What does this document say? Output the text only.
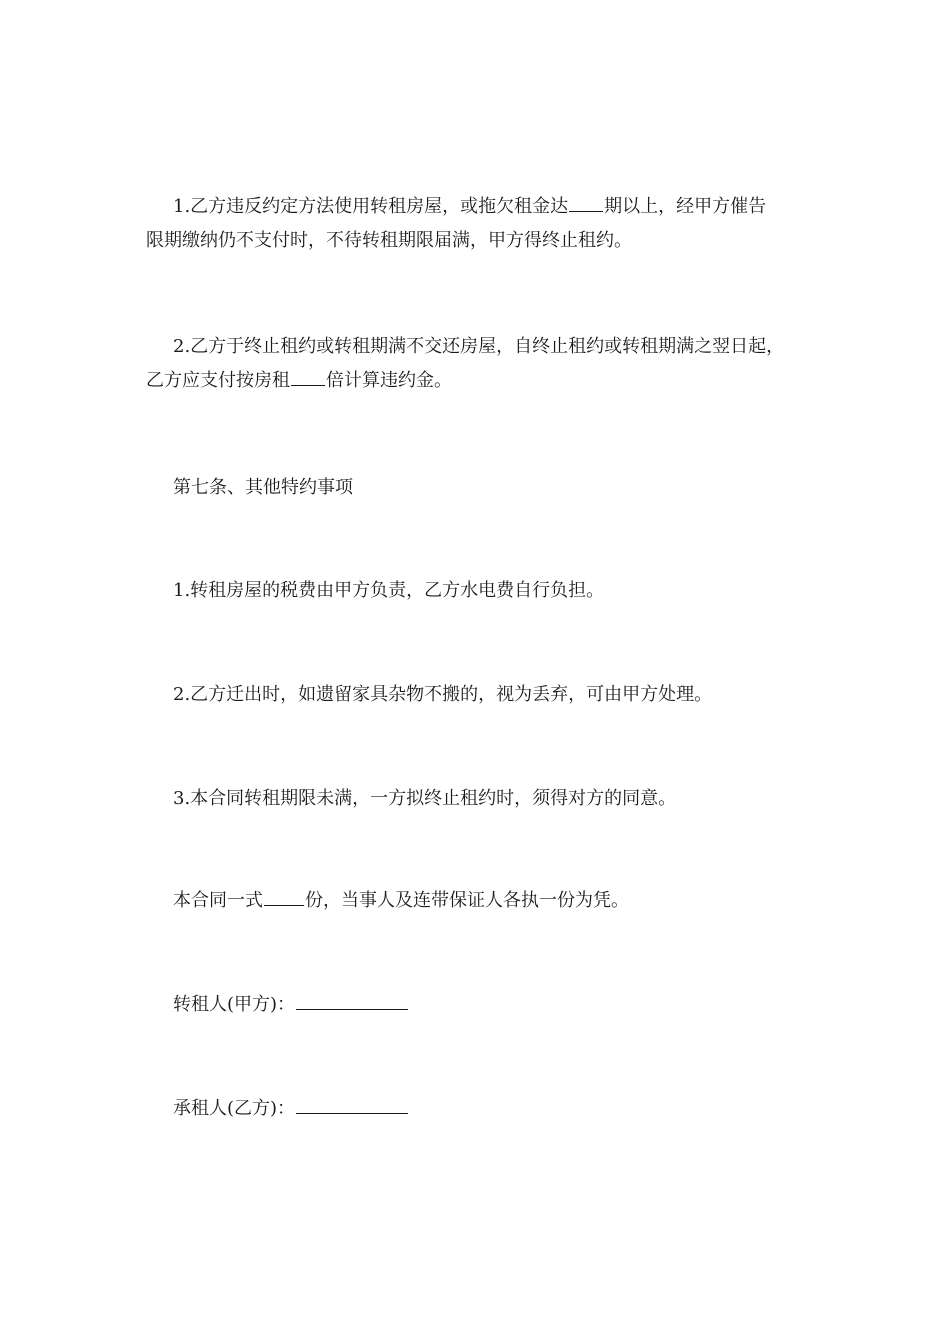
1.乙方违反约定方法使用转租房屋，或拖欠租金达 期以上，经甲方催告
限期缴纳仍不支付时，不待转租期限届满，甲方得终止租约。

2.乙方于终止租约或转租期满不交还房屋，自终止租约或转租期满之翌日起，
乙方应支付按房租 倍计算违约金。

第七条、其他特约事项

1.转租房屋的税费由甲方负责，乙方水电费自行负担。

2.乙方迁出时，如遗留家具杂物不搬的，视为丢弃，可由甲方处理。

3.本合同转租期限未满，一方拟终止租约时，须得对方的同意。

本合同一式 份，当事人及连带保证人各执一份为凭。

转租人(甲方)：

承租人(乙方)：
